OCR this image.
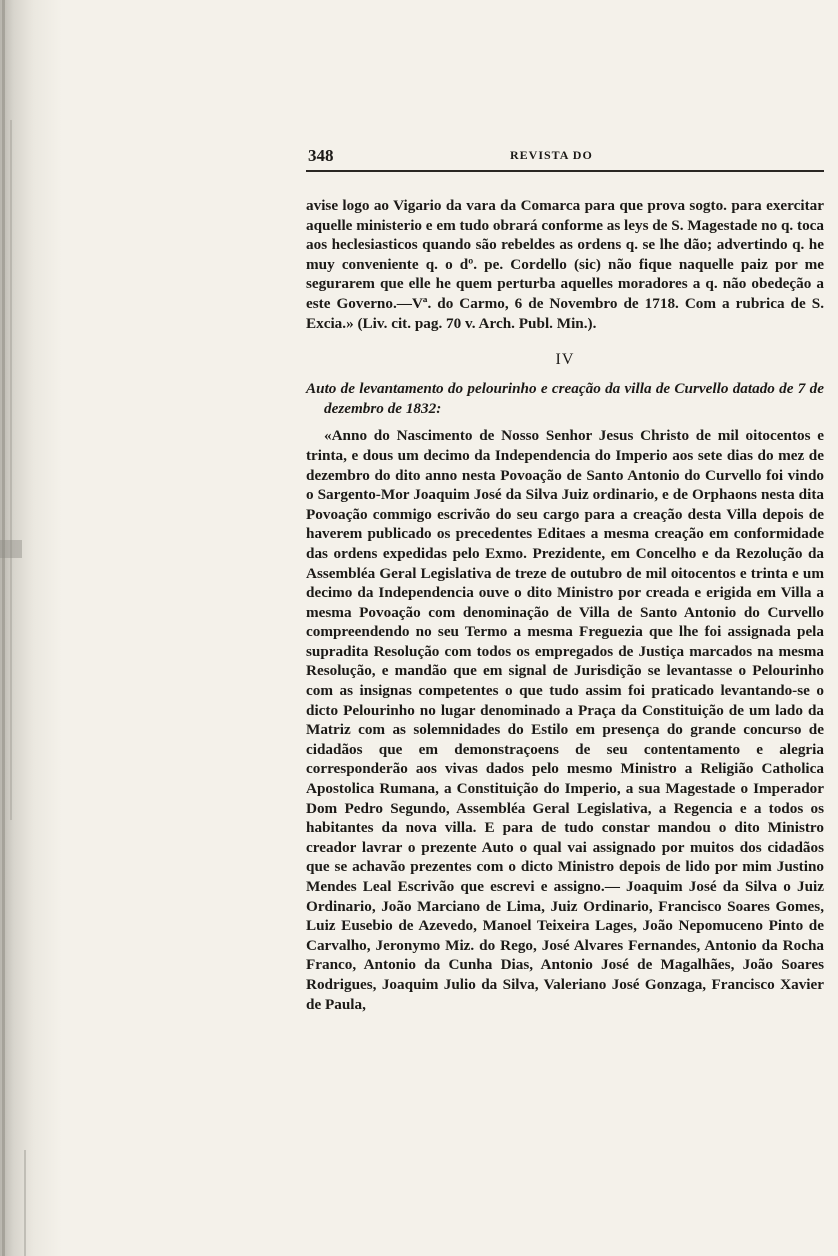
348	REVISTA DO

avise logo ao Vigario da vara da Comarca para que prova sogto. para exercitar aquelle ministerio e em tudo obrará conforme as leys de S. Magestade no q. toca aos heclesiasticos quando são rebeldes as ordens q. se lhe dão; advertindo q. he muy conveniente q. o dº. pe. Cordello (sic) não fique naquelle paiz por me segurarem que elle he quem perturba aquelles moradores a q. não obedeção a este Governo.—Vª. do Carmo, 6 de Novembro de 1718. Com a rubrica de S. Excia.» (Liv. cit. pag. 70 v. Arch. Publ. Min.).

IV

Auto de levantamento do pelourinho e creação da villa de Curvello datado de 7 de dezembro de 1832:

«Anno do Nascimento de Nosso Senhor Jesus Christo de mil oitocentos e trinta, e dous um decimo da Independencia do Imperio aos sete dias do mez de dezembro do dito anno nesta Povoação de Santo Antonio do Curvello foi vindo o Sargento-Mor Joaquim José da Silva Juiz ordinario, e de Orphaons nesta dita Povoação commigo escrivão do seu cargo para a creação desta Villa depois de haverem publicado os precedentes Editaes a mesma creação em conformidade das ordens expedidas pelo Exmo. Prezidente, em Concelho e da Rezolução da Assembléa Geral Legislativa de treze de outubro de mil oitocentos e trinta e um decimo da Independencia ouve o dito Ministro por creada e erigida em Villa a mesma Povoação com denominação de Villa de Santo Antonio do Curvello compreendendo no seu Termo a mesma Freguezia que lhe foi assignada pela supradita Resolução com todos os empregados de Justiça marcados na mesma Resolução, e mandão que em signal de Jurisdição se levantasse o Pelourinho com as insignas competentes o que tudo assim foi praticado levantando-se o dicto Pelourinho no lugar denominado a Praça da Constituição de um lado da Matriz com as solemnidades do Estilo em presença do grande concurso de cidadãos que em demonstraçoens de seu contentamento e alegria corresponderão aos vivas dados pelo mesmo Ministro a Religião Catholica Apostolica Rumana, a Constituição do Imperio, a sua Magestade o Imperador Dom Pedro Segundo, Assembléa Geral Legislativa, a Regencia e a todos os habitantes da nova villa. E para de tudo constar mandou o dito Ministro creador lavrar o prezente Auto o qual vai assignado por muitos dos cidadãos que se achavão prezentes com o dicto Ministro depois de lido por mim Justino Mendes Leal Escrivão que escrevi e assigno.— Joaquim José da Silva o Juiz Ordinario, João Marciano de Lima, Juiz Ordinario, Francisco Soares Gomes, Luiz Eusebio de Azevedo, Manoel Teixeira Lages, João Nepomuceno Pinto de Carvalho, Jeronymo Miz. do Rego, José Alvares Fernandes, Antonio da Rocha Franco, Antonio da Cunha Dias, Antonio José de Magalhães, João Soares Rodrigues, Joaquim Julio da Silva, Valeriano José Gonzaga, Francisco Xavier de Paula,
